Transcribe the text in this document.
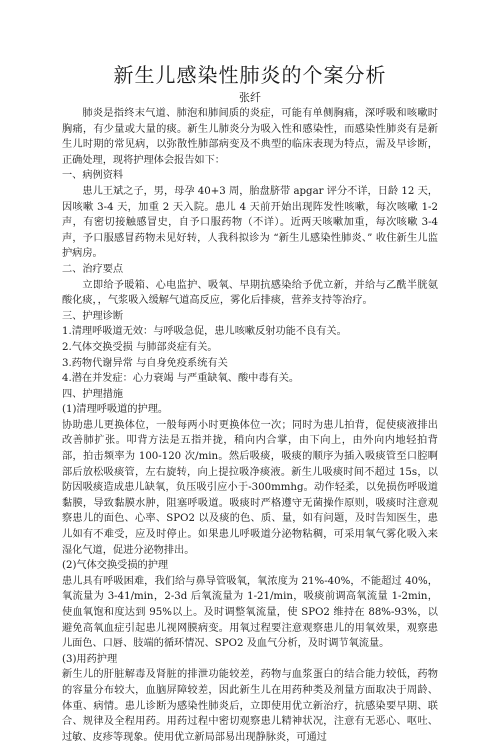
新生儿感染性肺炎的个案分析
张纤

肺炎是指终末气道、肺泡和肺间质的炎症，可能有单侧胸痛，深呼吸和咳嗽时胸痛，有少量或大量的痰。新生儿肺炎分为吸入性和感染性，而感染性肺炎有是新生儿时期的常见病，以弥散性肺部病变及不典型的临床表现为特点，需及早诊断，正确处理，现将护理体会报告如下：

一、病例资料

患儿王斌之子，男，母孕 40+3 周，胎盘脐带 apgar 评分不详，日龄 12 天，因咳嗽 3-4 天，加重 2 天入院。患儿 4 天前开始出现阵发性咳嗽，每次咳嗽 1-2 声，有密切接触感冒史，自予口服药物（不详）。近两天咳嗽加重，每次咳嗽 3-4 声，予口服感冒药物未见好转，人我科拟诊为 “新生儿感染性肺炎、” 收住新生儿监护病房。

二、治疗要点

立即给予暖箱、心电监护、吸氧、早期抗感染给予优立新，并给与乙酰半胱氨酸化痰，，气浆吸入缓解气道高反应，雾化后排痰，营养支持等治疗。

三、护理诊断
1.清理呼吸道无效：与呼吸急促，患儿咳嗽反射功能不良有关。
2.气体交换受损 与肺部炎症有关。
3.药物代谢异常 与自身免疫系统有关
4.潜在并发症：心力衰竭 与严重缺氧、酸中毒有关。
四、护理措施
(1)清理呼吸道的护理。

协助患儿更换体位，一般每两小时更换体位一次；同时为患儿拍背，促使痰液排出改善肺扩张。叩背方法是五指并拢，稍向内合掌，由下向上，由外向内地轻拍背部，拍击频率为 100-120 次/min。然后吸痰，吸痰的顺序为插入吸痰管至口腔啊部后放松吸痰管，左右旋转，向上提拉吸净痰液。新生儿吸痰时间不超过 15s，以防因吸痰造成患儿缺氧，负压吸引应小于-300mmhg。动作轻柔，以免损伤呼吸道黏膜，导致黏膜水肿，阻塞呼吸道。吸痰时严格遵守无菌操作原则，吸痰时注意观察患儿的面色、心率、SPO2 以及痰的色、质、量，如有问题，及时告知医生，患儿如有不难受，应及时停止。如果患儿呼吸道分泌物粘稠，可采用氧气雾化吸入来湿化气道，促进分泌物排出。

(2)气体交换受损的护理

患儿具有呼吸困难，我们给与鼻导管吸氧，氧浓度为 21%-40%，不能超过 40%，氧流量为 3-41/min，2-3d 后氧流量为 1-21/min，吸痰前调高氧流量 1-2min，使血氧饱和度达到 95%以上。及时调整氧流量，使 SPO2 维持在 88%-93%，以避免高氧血症引起患儿视网膜病变。用氧过程要注意观察患儿的用氧效果，观察患儿面色、口唇、肢端的循环情况、SPO2 及血气分析，及时调节氧流量。

(3)用药护理

新生儿的肝脏解毒及肾脏的排泄功能较差，药物与血浆蛋白的结合能力较低，药物的容量分布较大，血脑屏障较差，因此新生儿在用药种类及剂量方面取决于周龄、体重、病情。患儿诊断为感染性肺炎后，立即使用优立新治疗，抗感染要早期、联合、规律及全程用药。用药过程中密切观察患儿精神状况，注意有无恶心、呕吐、过敏、皮疹等现象。使用优立新局部易出现静脉炎，可通过
